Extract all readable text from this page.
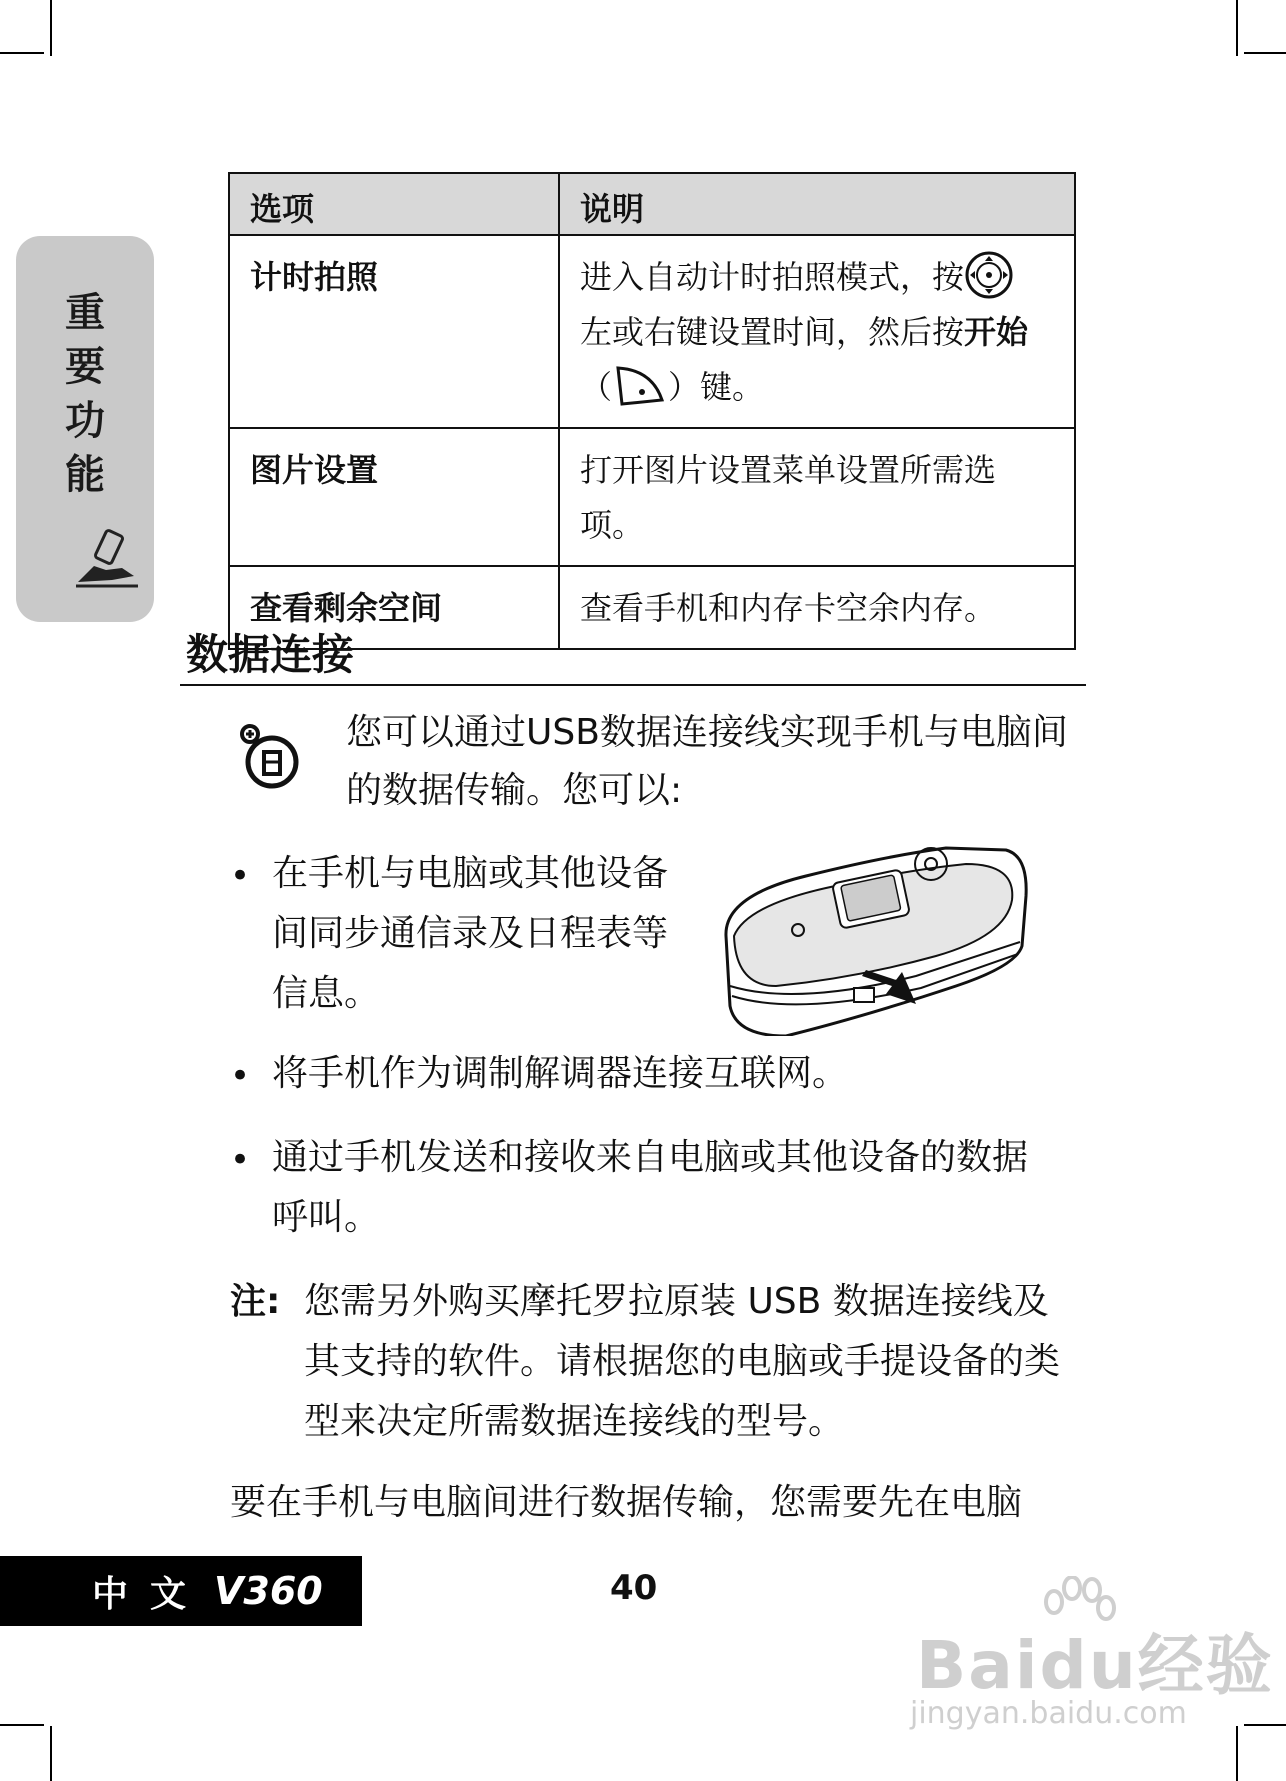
重
要
功
能
选项	说明
计时拍照	进入自动计时拍照模式，按
左或右键设置时间，然后按开始
（ ）键。
图片设置	打开图片设置菜单设置所需选项。
查看剩余空间	查看手机和内存卡空余内存。
数据连接
您可以通过USB数据连接线实现手机与电脑间的数据传输。您可以:
• 在手机与电脑或其他设备
间同步通信录及日程表等
信息。
• 将手机作为调制解调器连接互联网。
• 通过手机发送和接收来自电脑或其他设备的数据
呼叫。
注: 您需另外购买摩托罗拉原装 USB 数据连接线及
其支持的软件。请根据您的电脑或手提设备的类
型来决定所需数据连接线的型号。
要在手机与电脑间进行数据传输，您需要先在电脑
中文 V360	40
Baidu经验
jingyan.baidu.com
